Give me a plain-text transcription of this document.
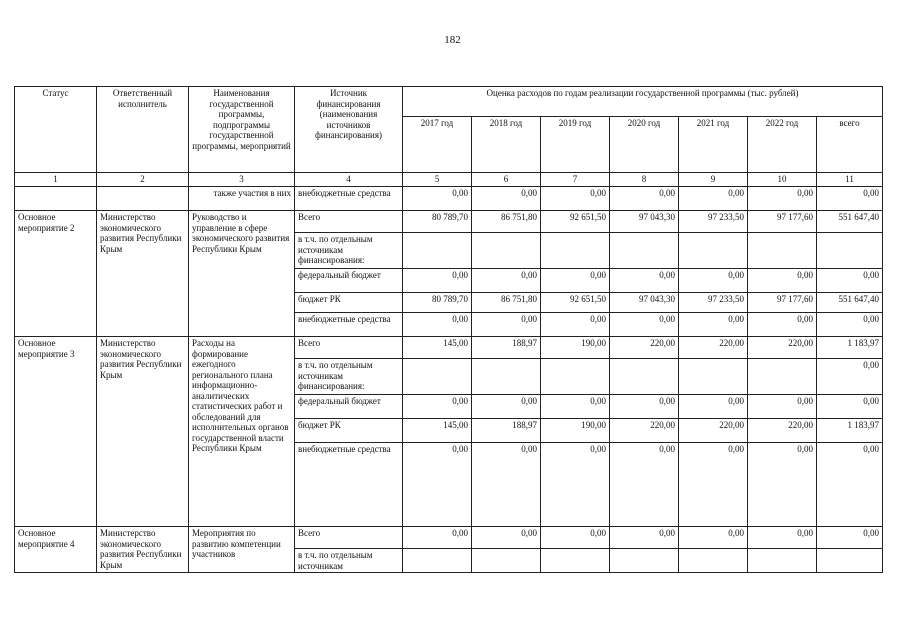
182
Статус	Ответственный исполнитель	Наименования государственной программы, подпрограммы государственной программы, мероприятий	Источник финансирования (наименования источников финансирования)	Оценка расходов по годам реализации государственной программы (тыс. рублей)						
				2017 год	2018 год	2019 год	2020 год	2021 год	2022 год	всего
1	2	3	4	5	6	7	8	9	10	11
		также участия в них	внебюджетные средства	0,00	0,00	0,00	0,00	0,00	0,00	0,00
Основное мероприятие 2	Министерство экономического развития Республики Крым	Руководство и управление в сфере экономического развития Республики Крым	Всего	80 789,70	86 751,80	92 651,50	97 043,30	97 233,50	97 177,60	551 647,40
			в т.ч. по отдельным источникам финансирования:							
			федеральный бюджет	0,00	0,00	0,00	0,00	0,00	0,00	0,00
			бюджет РК	80 789,70	86 751,80	92 651,50	97 043,30	97 233,50	97 177,60	551 647,40
			внебюджетные средства	0,00	0,00	0,00	0,00	0,00	0,00	0,00
Основное мероприятие 3	Министерство экономического развития Республики Крым	Расходы на формирование ежегодного регионального плана информационно-аналитических статистических работ и обследований для исполнительных органов государственной власти Республики Крым	Всего	145,00	188,97	190,00	220,00	220,00	220,00	1 183,97
			в т.ч. по отдельным источникам финансирования:							0,00
			федеральный бюджет	0,00	0,00	0,00	0,00	0,00	0,00	0,00
			бюджет РК	145,00	188,97	190,00	220,00	220,00	220,00	1 183,97
			внебюджетные средства	0,00	0,00	0,00	0,00	0,00	0,00	0,00
Основное мероприятие 4	Министерство экономического развития Республики Крым	Мероприятия по развитию компетенции участников	Всего	0,00	0,00	0,00	0,00	0,00	0,00	0,00
			в т.ч. по отдельным источникам							
